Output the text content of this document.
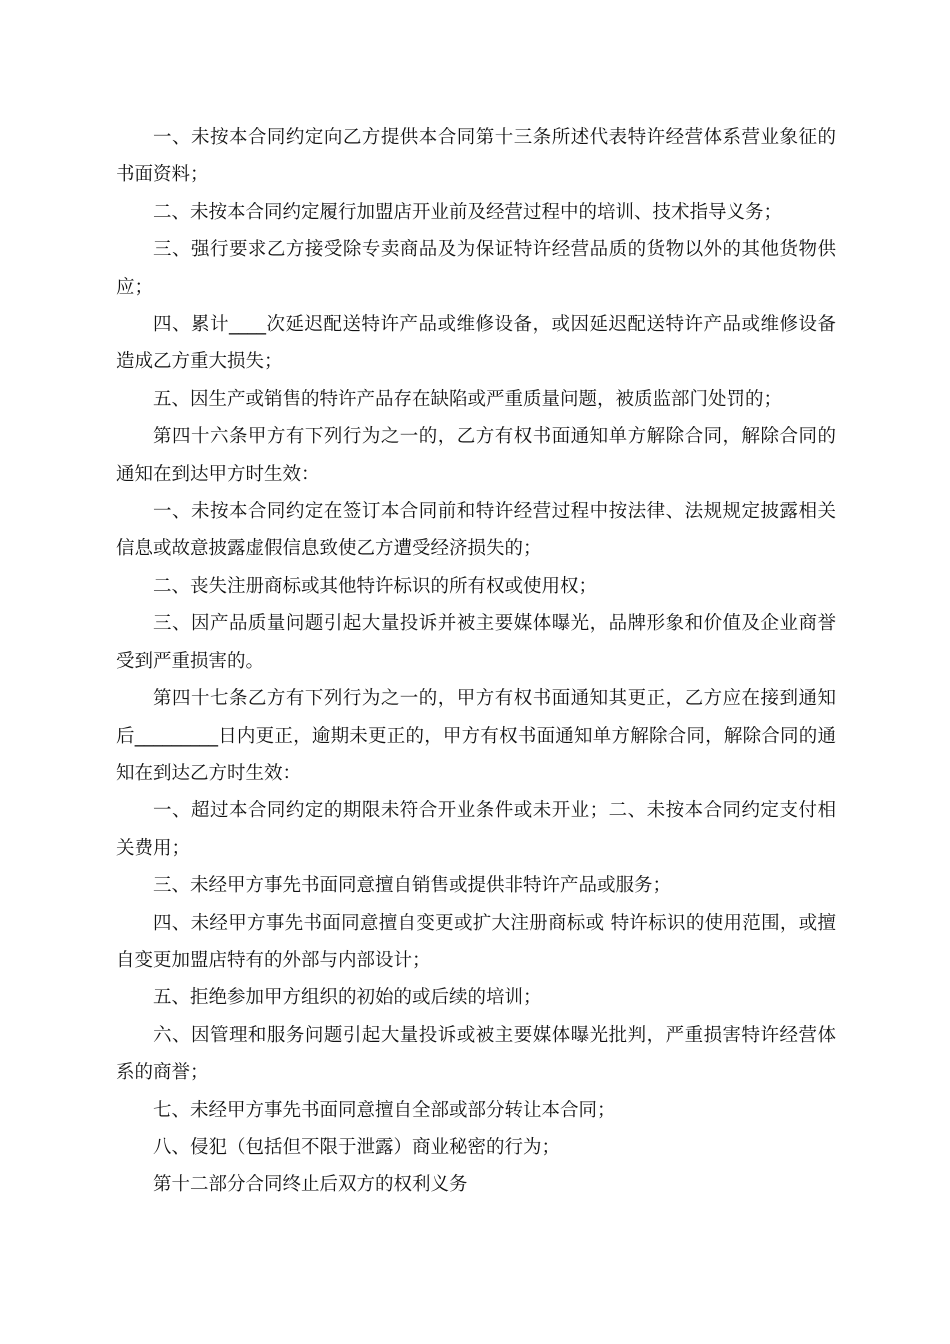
一、未按本合同约定向乙方提供本合同第十三条所述代表特许经营体系营业象征的书面资料；

二、未按本合同约定履行加盟店开业前及经营过程中的培训、技术指导义务；

三、强行要求乙方接受除专卖商品及为保证特许经营品质的货物以外的其他货物供应；

四、累计____次延迟配送特许产品或维修设备，或因延迟配送特许产品或维修设备造成乙方重大损失；

五、因生产或销售的特许产品存在缺陷或严重质量问题，被质监部门处罚的；

第四十六条甲方有下列行为之一的，乙方有权书面通知单方解除合同，解除合同的通知在到达甲方时生效：

一、未按本合同约定在签订本合同前和特许经营过程中按法律、法规规定披露相关信息或故意披露虚假信息致使乙方遭受经济损失的；

二、丧失注册商标或其他特许标识的所有权或使用权；

三、因产品质量问题引起大量投诉并被主要媒体曝光，品牌形象和价值及企业商誉受到严重损害的。

第四十七条乙方有下列行为之一的，甲方有权书面通知其更正，乙方应在接到通知后_________日内更正，逾期未更正的，甲方有权书面通知单方解除合同，解除合同的通知在到达乙方时生效：

一、超过本合同约定的期限未符合开业条件或未开业；二、未按本合同约定支付相关费用；

三、未经甲方事先书面同意擅自销售或提供非特许产品或服务；

四、未经甲方事先书面同意擅自变更或扩大注册商标或 特许标识的使用范围，或擅自变更加盟店特有的外部与内部设计；

五、拒绝参加甲方组织的初始的或后续的培训；

六、因管理和服务问题引起大量投诉或被主要媒体曝光批判，严重损害特许经营体系的商誉；

七、未经甲方事先书面同意擅自全部或部分转让本合同；

八、侵犯（包括但不限于泄露）商业秘密的行为；

第十二部分合同终止后双方的权利义务
